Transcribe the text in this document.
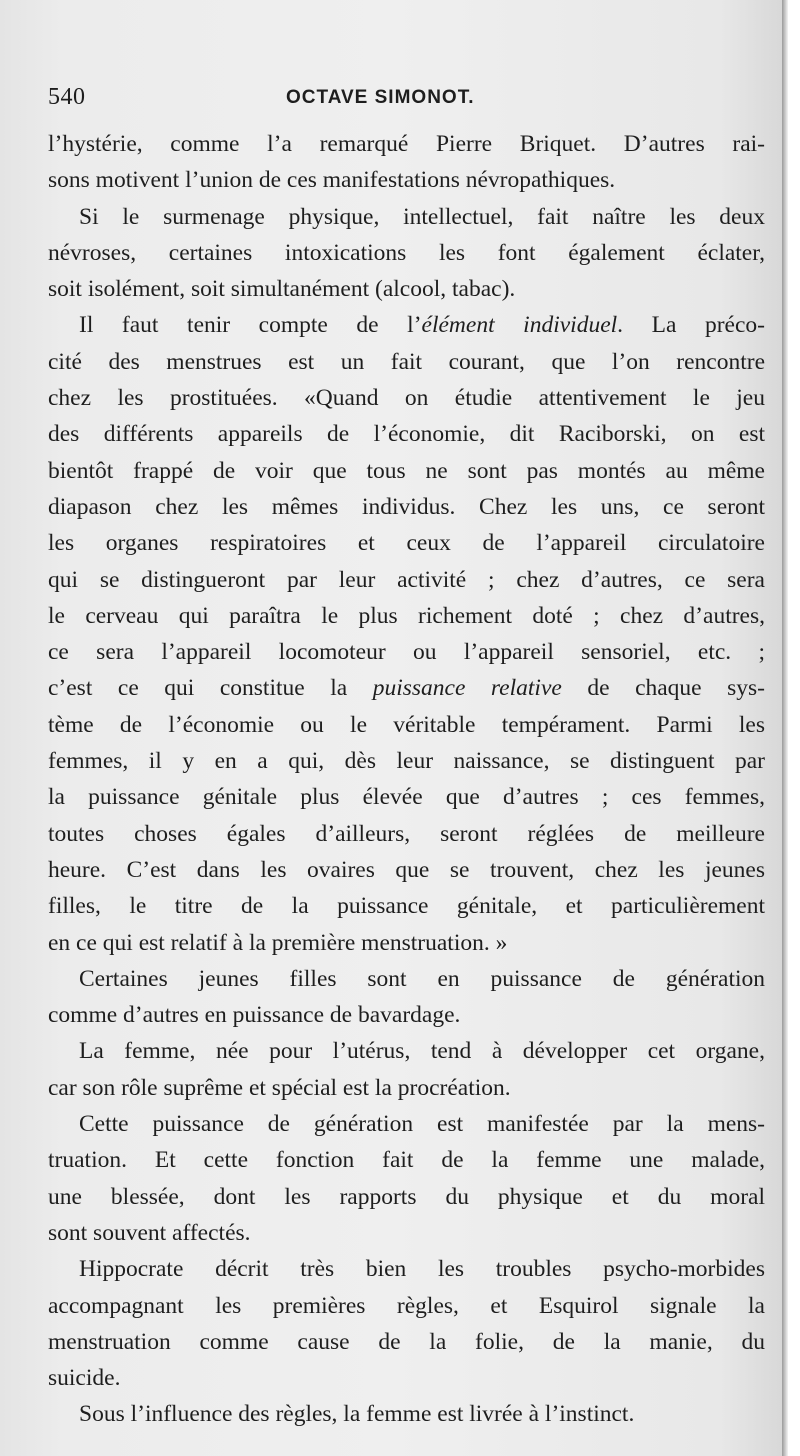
540	OCTAVE SIMONOT.
l’hystérie, comme l’a remarqué Pierre Briquet. D’autres rai-
sons motivent l’union de ces manifestations névropathiques.
Si le surmenage physique, intellectuel, fait naître les deux
névroses, certaines intoxications les font également éclater,
soit isolément, soit simultanément (alcool, tabac).
Il faut tenir compte de l’élément individuel. La préco-
cité des menstrues est un fait courant, que l’on rencontre
chez les prostituées. «Quand on étudie attentivement le jeu
des différents appareils de l’économie, dit Raciborski, on est
bientôt frappé de voir que tous ne sont pas montés au même
diapason chez les mêmes individus. Chez les uns, ce seront
les organes respiratoires et ceux de l’appareil circulatoire
qui se distingueront par leur activité ; chez d’autres, ce sera
le cerveau qui paraîtra le plus richement doté ; chez d’autres,
ce sera l’appareil locomoteur ou l’appareil sensoriel, etc. ;
c’est ce qui constitue la puissance relative de chaque sys-
tème de l’économie ou le véritable tempérament. Parmi les
femmes, il y en a qui, dès leur naissance, se distinguent par
la puissance génitale plus élevée que d’autres ; ces femmes,
toutes choses égales d’ailleurs, seront réglées de meilleure
heure. C’est dans les ovaires que se trouvent, chez les jeunes
filles, le titre de la puissance génitale, et particulièrement
en ce qui est relatif à la première menstruation. »
Certaines jeunes filles sont en puissance de génération
comme d’autres en puissance de bavardage.
La femme, née pour l’utérus, tend à développer cet organe,
car son rôle suprême et spécial est la procréation.
Cette puissance de génération est manifestée par la mens-
truation. Et cette fonction fait de la femme une malade,
une blessée, dont les rapports du physique et du moral
sont souvent affectés.
Hippocrate décrit très bien les troubles psycho-morbides
accompagnant les premières règles, et Esquirol signale la
menstruation comme cause de la folie, de la manie, du
suicide.
Sous l’influence des règles, la femme est livrée à l’instinct.
